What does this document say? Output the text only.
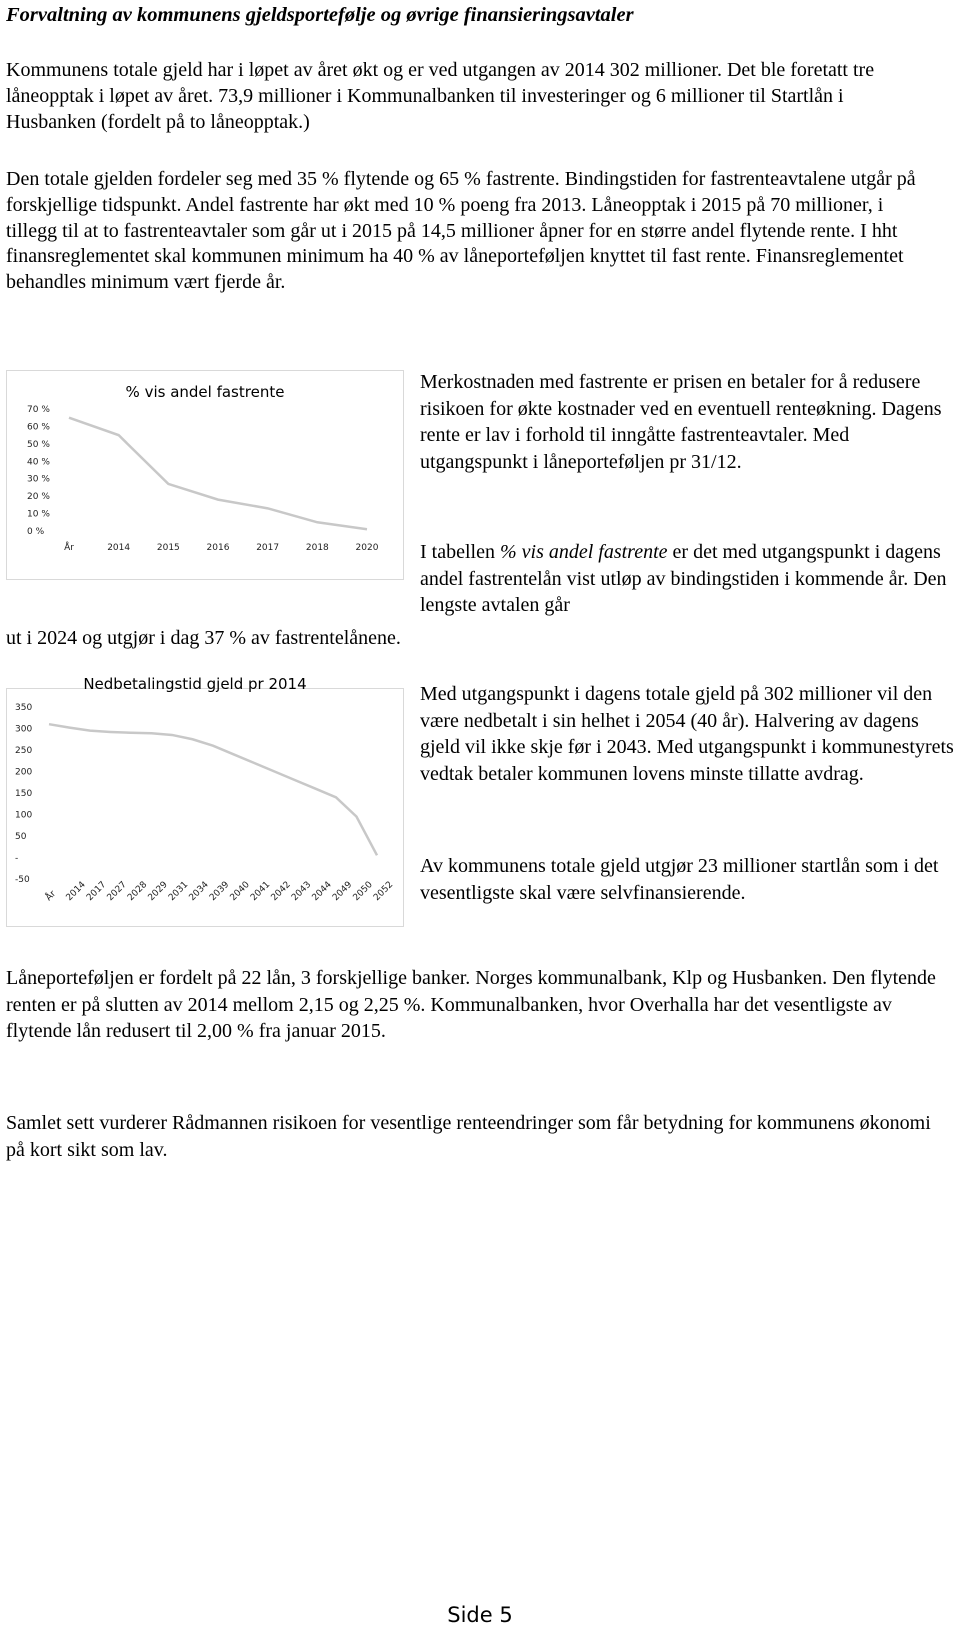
Forvaltning av kommunens gjeldsportefølje og øvrige finansieringsavtaler

Kommunens totale gjeld har i løpet av året økt og er ved utgangen av 2014 302 millioner. Det ble foretatt tre låneopptak i løpet av året. 73,9 millioner i Kommunalbanken til investeringer og 6 millioner til Startlån i Husbanken (fordelt på to låneopptak.)

Den totale gjelden fordeler seg med 35 % flytende og 65 % fastrente. Bindingstiden for fastrenteavtalene utgår på forskjellige tidspunkt. Andel fastrente har økt med 10 % poeng fra 2013. Låneopptak i 2015 på 70 millioner, i tillegg til at to fastrenteavtaler som går ut i 2015 på 14,5 millioner åpner for en større andel flytende rente. I hht finansreglementet skal kommunen minimum ha 40 % av låneporteføljen knyttet til fast rente. Finansreglementet behandles minimum vært fjerde år.

% vis andel fastrente
70 %
60 %
50 %
40 %
30 %
20 %
10 %
0 %
År	2014	2015	2016	2017	2018	2020

Merkostnaden med fastrente er prisen en betaler for å redusere risikoen for økte kostnader ved en eventuell renteøkning. Dagens rente er lav i forhold til inngåtte fastrenteavtaler. Med utgangspunkt i låneporteføljen pr 31/12.

I tabellen % vis andel fastrente er det med utgangspunkt i dagens andel fastrentelån vist utløp av bindingstiden i kommende år. Den lengste avtalen går

ut i 2024 og utgjør i dag 37 % av fastrentelånene.

Nedbetalingstid gjeld pr 2014
350
300
250
200
150
100
50
-
-50
År 2014
2017
2027
2028
2029
2031
2034
2039
2040
2041
2042
2043
2044
2049
2050
2052

Med utgangspunkt i dagens totale gjeld på 302 millioner vil den være nedbetalt i sin helhet i 2054 (40 år). Halvering av dagens gjeld vil ikke skje før i 2043. Med utgangspunkt i kommunestyrets vedtak betaler kommunen lovens minste tillatte avdrag.

Av kommunens totale gjeld utgjør 23 millioner startlån som i det vesentligste skal være selvfinansierende.

Låneporteføljen er fordelt på 22 lån, 3 forskjellige banker. Norges kommunalbank, Klp og Husbanken. Den flytende renten er på slutten av 2014 mellom 2,15 og 2,25 %. Kommunalbanken, hvor Overhalla har det vesentligste av flytende lån redusert til 2,00 % fra januar 2015.

Samlet sett vurderer Rådmannen risikoen for vesentlige renteendringer som får betydning for kommunens økonomi på kort sikt som lav.

Side 5
